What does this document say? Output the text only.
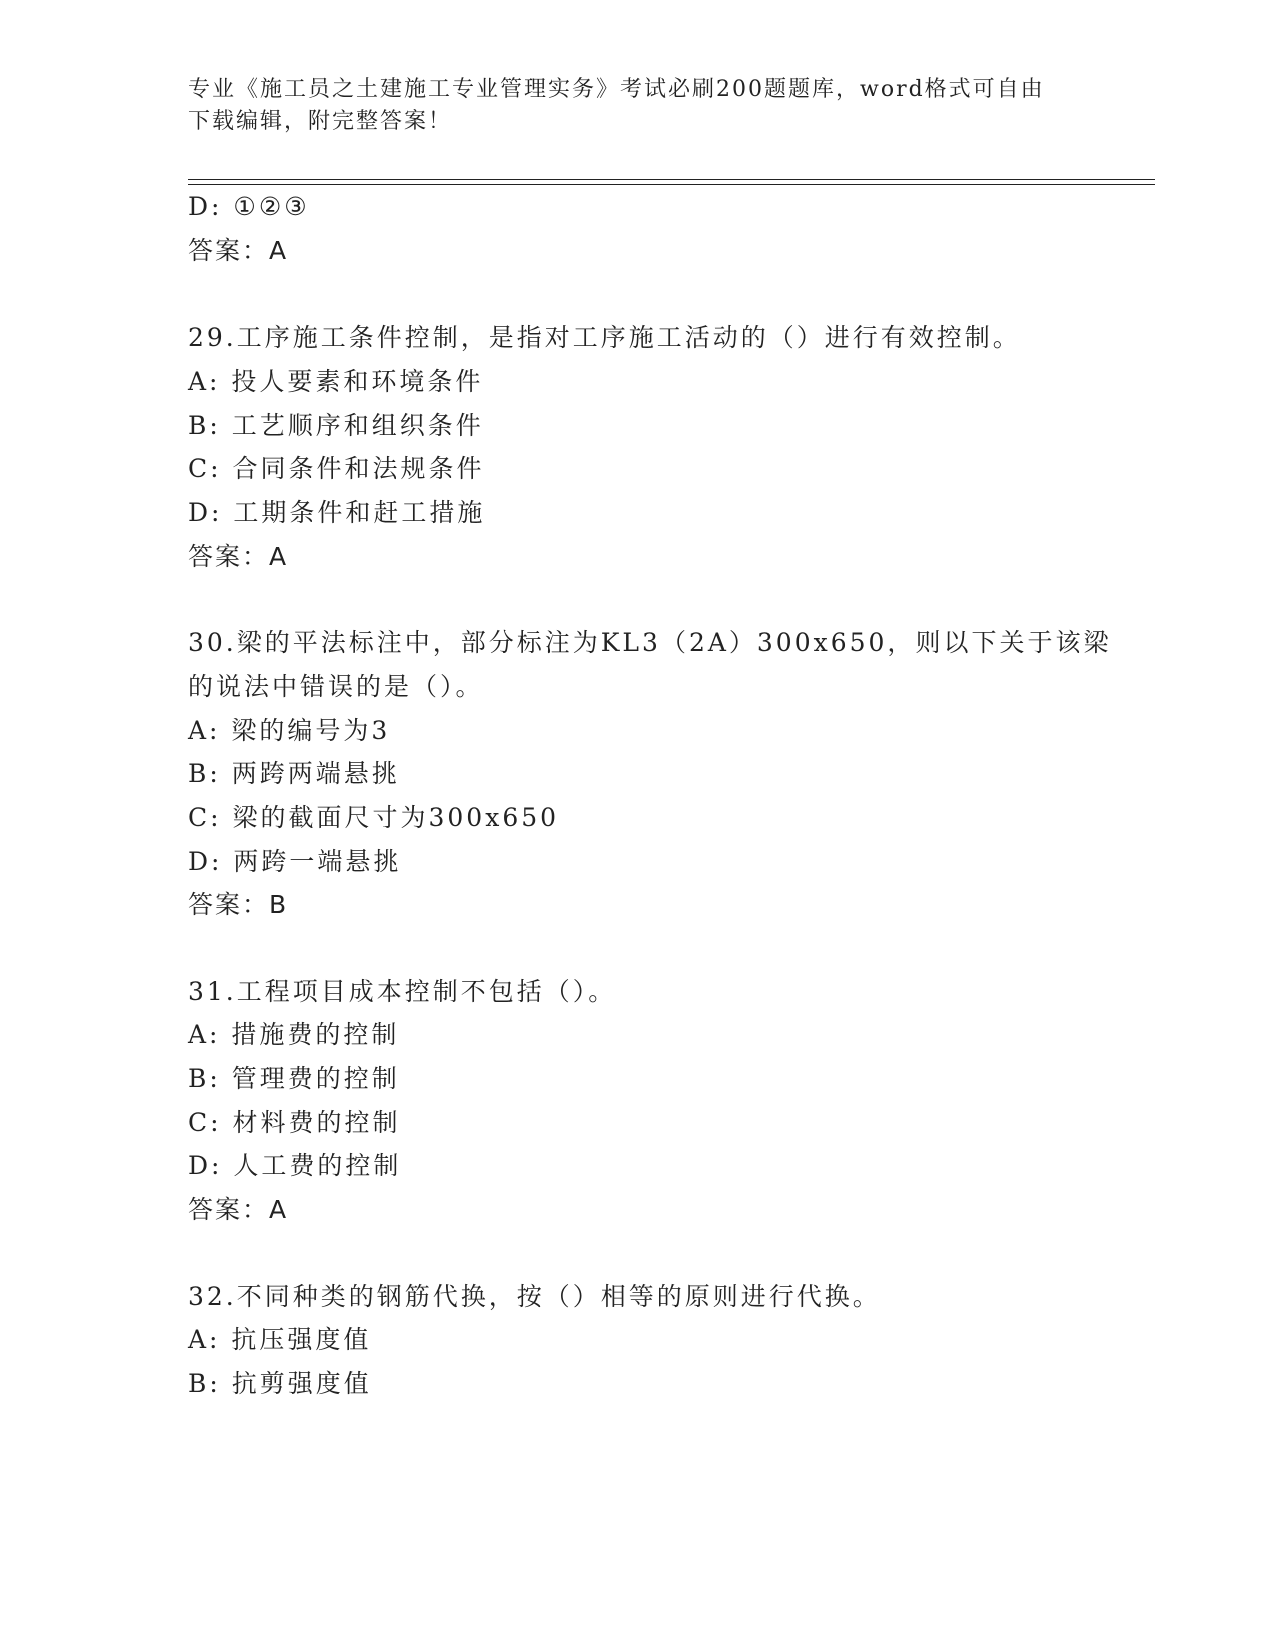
专业《施工员之土建施工专业管理实务》考试必刷200题题库，word格式可自由
下载编辑，附完整答案！
D: ①②③
答案：A
29.工序施工条件控制，是指对工序施工活动的（）进行有效控制。
A: 投人要素和环境条件
B: 工艺顺序和组织条件
C: 合同条件和法规条件
D: 工期条件和赶工措施
答案：A
30.梁的平法标注中，部分标注为KL3（2A）300x650，则以下关于该梁
的说法中错误的是（）。
A: 梁的编号为3
B: 两跨两端悬挑
C: 梁的截面尺寸为300x650
D: 两跨一端悬挑
答案：B
31.工程项目成本控制不包括（）。
A: 措施费的控制
B: 管理费的控制
C: 材料费的控制
D: 人工费的控制
答案：A
32.不同种类的钢筋代换，按（）相等的原则进行代换。
A: 抗压强度值
B: 抗剪强度值
